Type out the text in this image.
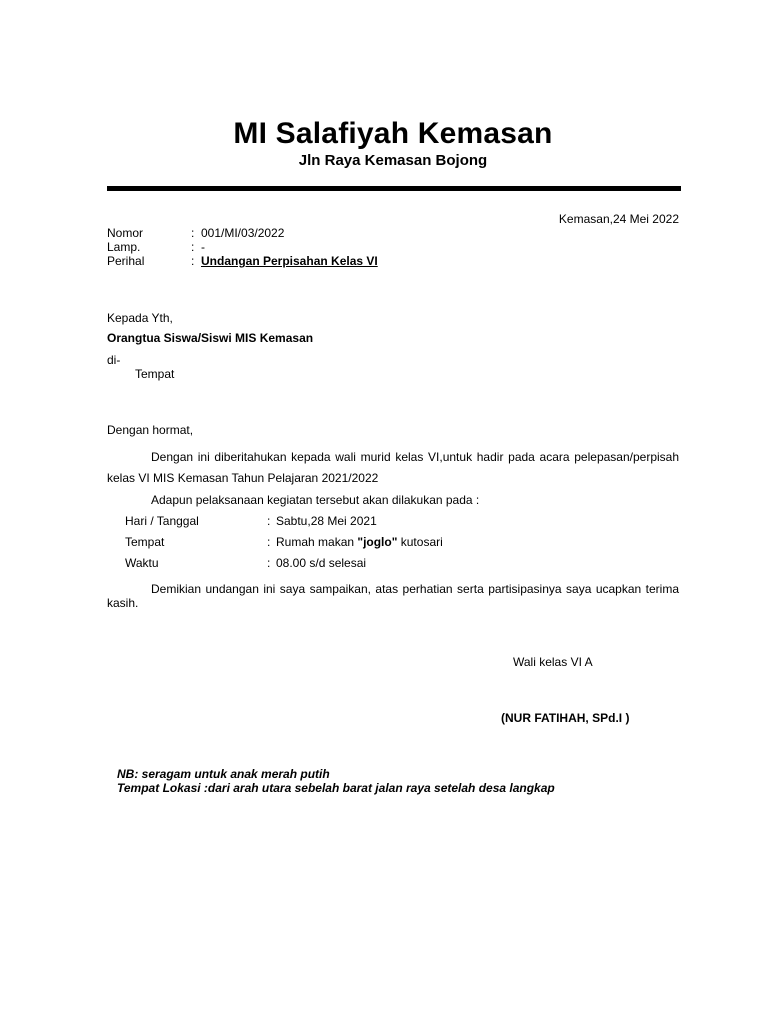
MI Salafiyah Kemasan
Jln Raya Kemasan Bojong
Kemasan,24 Mei 2022
Nomor	: 001/MI/03/2022
Lamp.	: -
Perihal	: Undangan Perpisahan Kelas VI
Kepada Yth,
Orangtua Siswa/Siswi MIS Kemasan
di-
Tempat
Dengan hormat,
Dengan ini diberitahukan kepada wali murid kelas VI,untuk hadir pada acara pelepasan/perpisah kelas VI MIS Kemasan Tahun Pelajaran 2021/2022
Adapun pelaksanaan kegiatan tersebut akan dilakukan pada :
Hari / Tanggal	: Sabtu,28 Mei 2021
Tempat	: Rumah makan "joglo" kutosari
Waktu	: 08.00 s/d selesai
Demikian undangan ini saya sampaikan, atas perhatian serta partisipasinya saya ucapkan terima kasih.
Wali kelas VI A
(NUR FATIHAH, SPd.I )
NB: seragam untuk anak merah putih
Tempat Lokasi :dari arah utara sebelah barat jalan raya setelah desa langkap
